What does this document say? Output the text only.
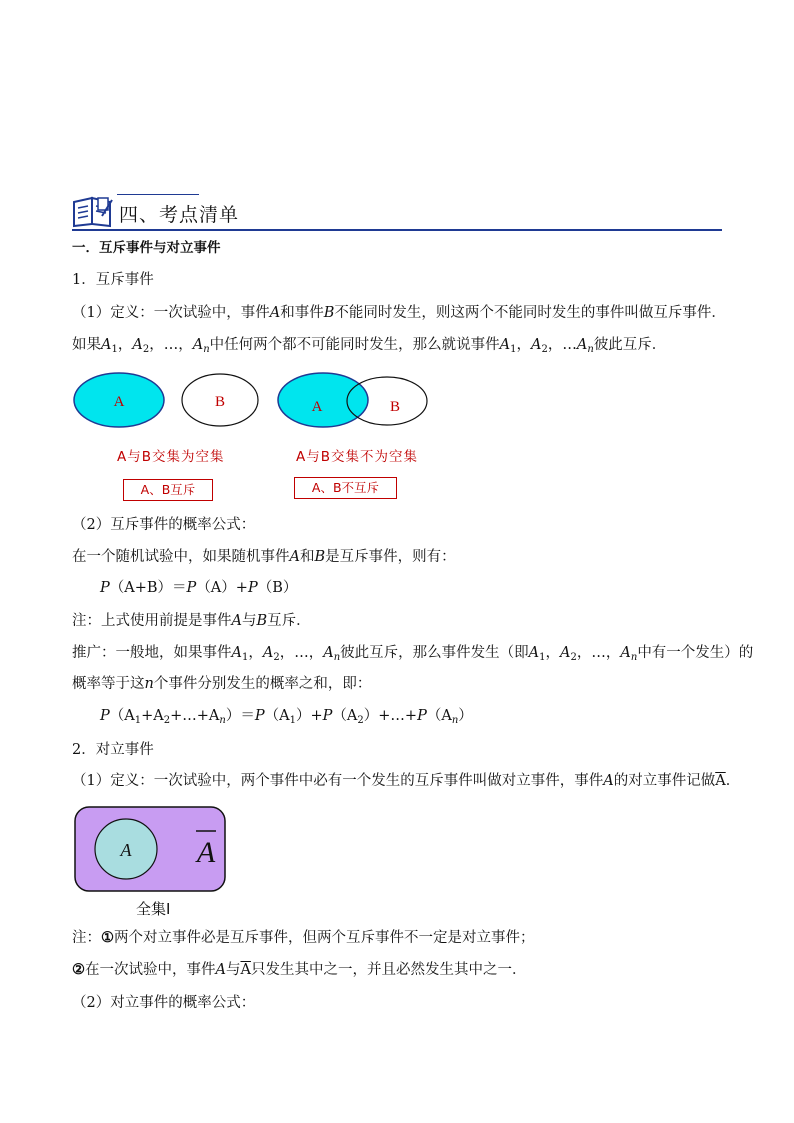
四、考点清单
一．互斥事件与对立事件
1．互斥事件
（1）定义：一次试验中，事件A和事件B不能同时发生，则这两个不能同时发生的事件叫做互斥事件．
如果$A_1$，$A_2$，…，$A_n$中任何两个都不可能同时发生，那么就说事件$A_1$，$A_2$，$\dots A_n$彼此互斥．
A	B	A	B
A与B交集为空集	A与B交集不为空集
A、B互斥	A、B不互斥
（2）互斥事件的概率公式：
在一个随机试验中，如果随机事件A和B是互斥事件，则有：
P（A+B）＝P（A）+P（B）
注：上式使用前提是事件A与B互斥．
推广：一般地，如果事件$A_1$，$A_2$，…，$A_n$彼此互斥，那么事件发生（即$A_1$，$A_2$，…，$A_n$中有一个发生）的
概率等于这n个事件分别发生的概率之和，即：
$P(A_1+A_2+\dots+A_n)=P(A_1)+P(A_2)+\dots+P(A_n)$
2．对立事件
（1）定义：一次试验中，两个事件中必有一个发生的互斥事件叫做对立事件，事件A的对立事件记做$\overline{A}$．
A A
全集I
注：①两个对立事件必是互斥事件，但两个互斥事件不一定是对立事件；
②在一次试验中，事件A与$\overline{A}$只发生其中之一，并且必然发生其中之一．
（2）对立事件的概率公式：
